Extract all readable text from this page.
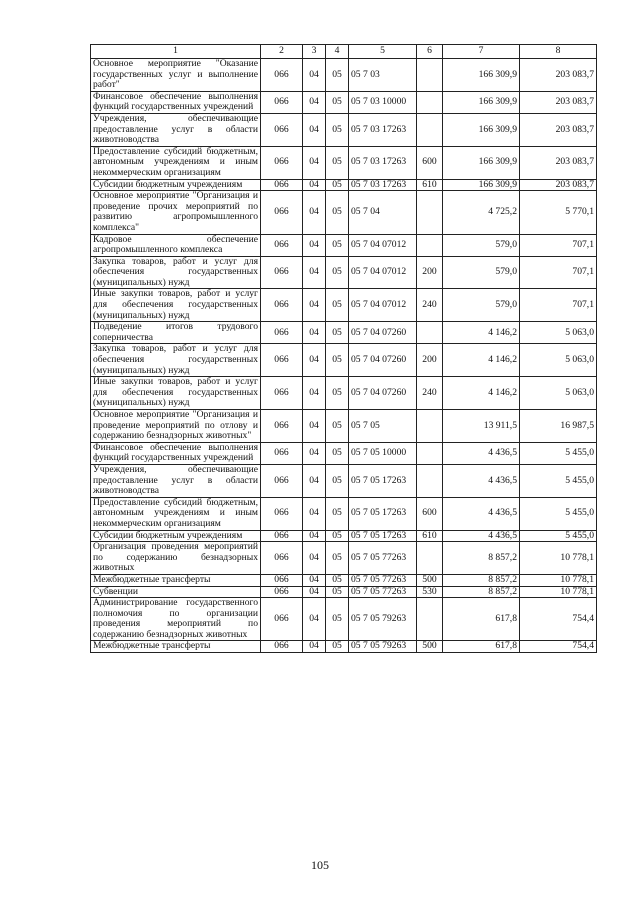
1	2	3	4	5	6	7	8
Основное мероприятие "Оказание государственных услуг и выполнение работ"	066	04	05	05 7 03		166 309,9	203 083,7
Финансовое обеспечение выполнения функций государственных учреждений	066	04	05	05 7 03 10000		166 309,9	203 083,7
Учреждения, обеспечивающие предоставление услуг в области животноводства	066	04	05	05 7 03 17263		166 309,9	203 083,7
Предоставление субсидий бюджетным, автономным учреждениям и иным некоммерческим организациям	066	04	05	05 7 03 17263	600	166 309,9	203 083,7
Субсидии бюджетным учреждениям	066	04	05	05 7 03 17263	610	166 309,9	203 083,7
Основное мероприятие "Организация и проведение прочих мероприятий по развитию агропромышленного комплекса"	066	04	05	05 7 04		4 725,2	5 770,1
Кадровое обеспечение агропромышленного комплекса	066	04	05	05 7 04 07012		579,0	707,1
Закупка товаров, работ и услуг для обеспечения государственных (муниципальных) нужд	066	04	05	05 7 04 07012	200	579,0	707,1
Иные закупки товаров, работ и услуг для обеспечения государственных (муниципальных) нужд	066	04	05	05 7 04 07012	240	579,0	707,1
Подведение итогов трудового соперничества	066	04	05	05 7 04 07260		4 146,2	5 063,0
Закупка товаров, работ и услуг для обеспечения государственных (муниципальных) нужд	066	04	05	05 7 04 07260	200	4 146,2	5 063,0
Иные закупки товаров, работ и услуг для обеспечения государственных (муниципальных) нужд	066	04	05	05 7 04 07260	240	4 146,2	5 063,0
Основное мероприятие "Организация и проведение мероприятий по отлову и содержанию безнадзорных животных"	066	04	05	05 7 05		13 911,5	16 987,5
Финансовое обеспечение выполнения функций государственных учреждений	066	04	05	05 7 05 10000		4 436,5	5 455,0
Учреждения, обеспечивающие предоставление услуг в области животноводства	066	04	05	05 7 05 17263		4 436,5	5 455,0
Предоставление субсидий бюджетным, автономным учреждениям и иным некоммерческим организациям	066	04	05	05 7 05 17263	600	4 436,5	5 455,0
Субсидии бюджетным учреждениям	066	04	05	05 7 05 17263	610	4 436,5	5 455,0
Организация проведения мероприятий по содержанию безнадзорных животных	066	04	05	05 7 05 77263		8 857,2	10 778,1
Межбюджетные трансферты	066	04	05	05 7 05 77263	500	8 857,2	10 778,1
Субвенции	066	04	05	05 7 05 77263	530	8 857,2	10 778,1
Администрирование государственного полномочия по организации проведения мероприятий по содержанию безнадзорных животных	066	04	05	05 7 05 79263		617,8	754,4
Межбюджетные трансферты	066	04	05	05 7 05 79263	500	617,8	754,4
105
